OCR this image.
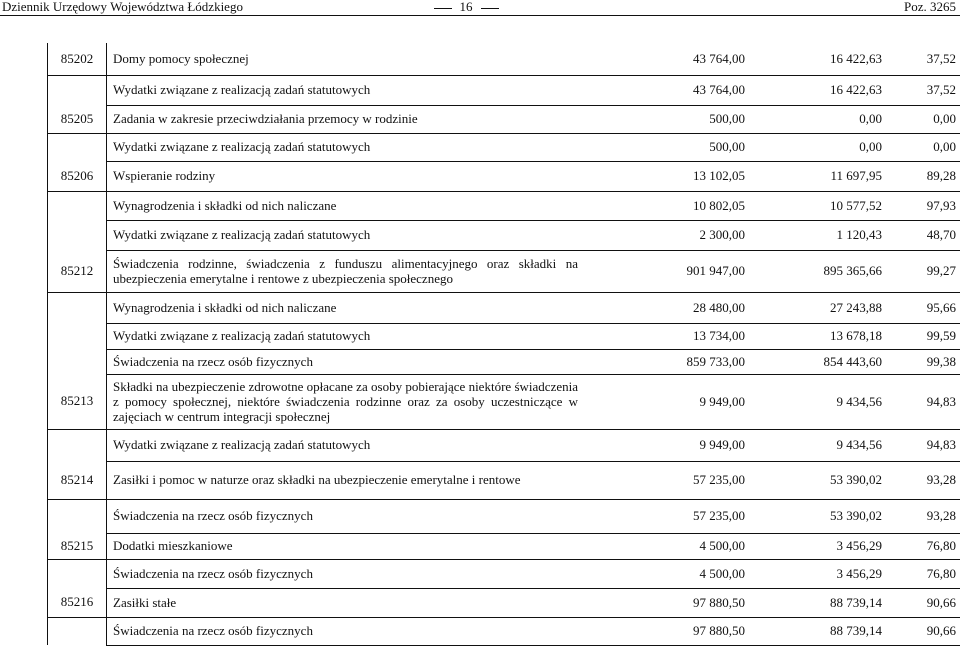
Dziennik Urzędowy Województwa Łódzkiego	16	Poz. 3265
85202	Domy pomocy społecznej	43 764,00	16 422,63	37,52
	Wydatki związane z realizacją zadań statutowych	43 764,00	16 422,63	37,52
85205	Zadania w zakresie przeciwdziałania przemocy w rodzinie	500,00	0,00	0,00
	Wydatki związane z realizacją zadań statutowych	500,00	0,00	0,00
85206	Wspieranie rodziny	13 102,05	11 697,95	89,28
	Wynagrodzenia i składki od nich naliczane	10 802,05	10 577,52	97,93
	Wydatki związane z realizacją zadań statutowych	2 300,00	1 120,43	48,70
85212	Świadczenia rodzinne, świadczenia z funduszu alimentacyjnego oraz składki na ubezpieczenia emerytalne i rentowe z ubezpieczenia społecznego	901 947,00	895 365,66	99,27
	Wynagrodzenia i składki od nich naliczane	28 480,00	27 243,88	95,66
	Wydatki związane z realizacją zadań statutowych	13 734,00	13 678,18	99,59
	Świadczenia na rzecz osób fizycznych	859 733,00	854 443,60	99,38
85213	Składki na ubezpieczenie zdrowotne opłacane za osoby pobierające niektóre świadczenia z pomocy społecznej, niektóre świadczenia rodzinne oraz za osoby uczestniczące w zajęciach w centrum integracji społecznej	9 949,00	9 434,56	94,83
	Wydatki związane z realizacją zadań statutowych	9 949,00	9 434,56	94,83
85214	Zasiłki i pomoc w naturze oraz składki na ubezpieczenie emerytalne i rentowe	57 235,00	53 390,02	93,28
	Świadczenia na rzecz osób fizycznych	57 235,00	53 390,02	93,28
85215	Dodatki mieszkaniowe	4 500,00	3 456,29	76,80
	Świadczenia na rzecz osób fizycznych	4 500,00	3 456,29	76,80
85216	Zasiłki stałe	97 880,50	88 739,14	90,66
	Świadczenia na rzecz osób fizycznych	97 880,50	88 739,14	90,66
